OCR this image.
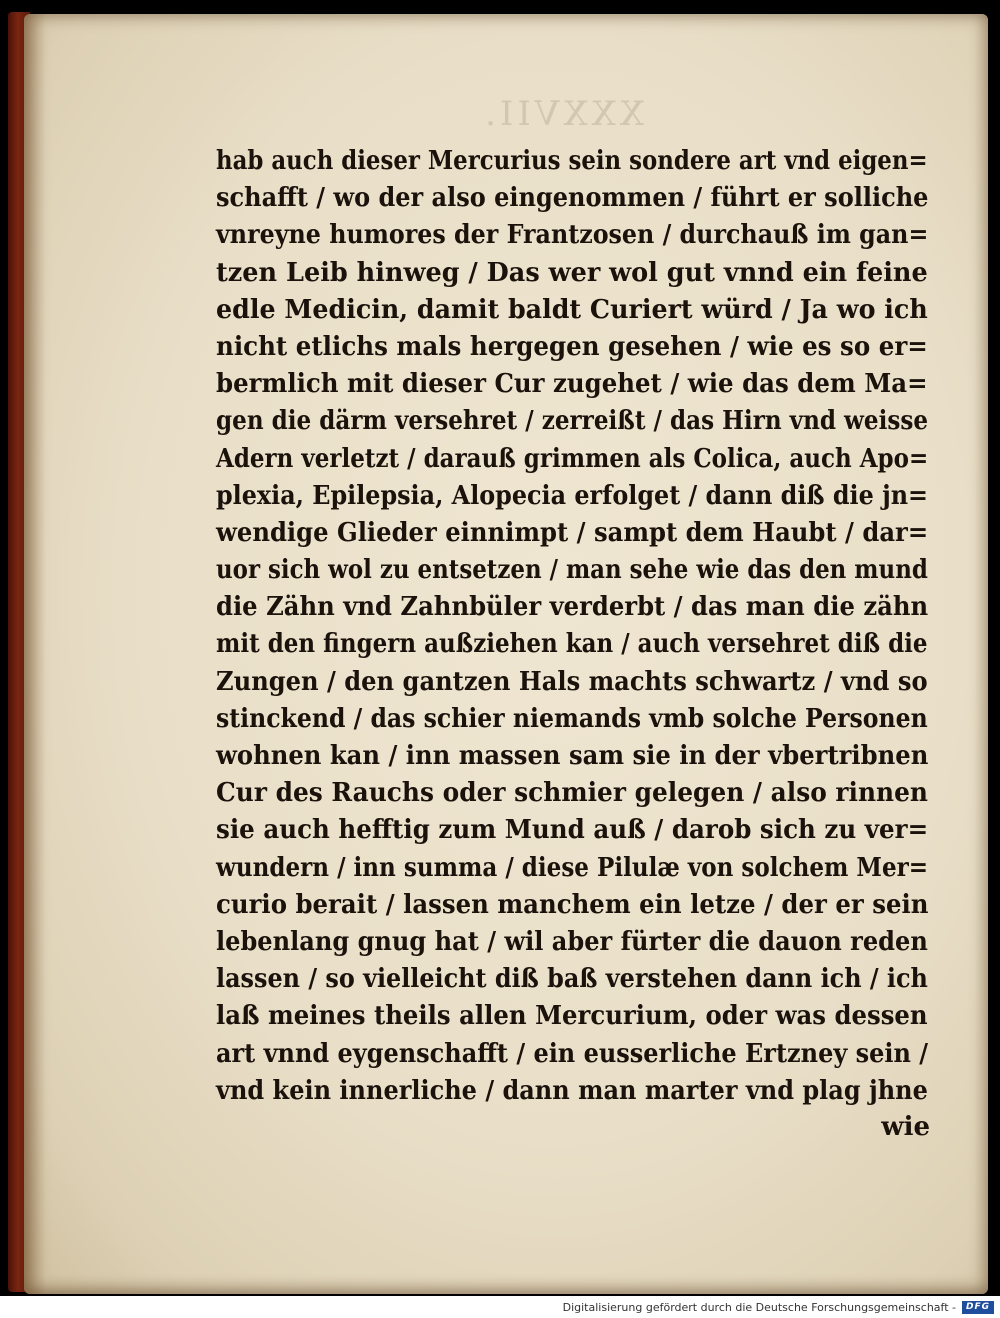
XXXVII.
hab auch dieser Mercurius sein sondere art vnd eigen=
schafft / wo der also eingenommen / führt er solliche
vnreyne humores der Frantzosen / durchauß im gan=
tzen Leib hinweg / Das wer wol gut vnnd ein feine
edle Medicin, damit baldt Curiert würd / Ja wo ich
nicht etlichs mals hergegen gesehen / wie es so er=
bermlich mit dieser Cur zugehet / wie das dem Ma=
gen die därm versehret / zerreißt / das Hirn vnd weisse
Adern verletzt / darauß grimmen als Colica, auch Apo=
plexia, Epilepsia, Alopecia erfolget / dann diß die jn=
wendige Glieder einnimpt / sampt dem Haubt / dar=
uor sich wol zu entsetzen / man sehe wie das den mund
die Zähn vnd Zahnbüler verderbt / das man die zähn
mit den fingern außziehen kan / auch versehret diß die
Zungen / den gantzen Hals machts schwartz / vnd so
stinckend / das schier niemands vmb solche Personen
wohnen kan / inn massen sam sie in der vbertribnen
Cur des Rauchs oder schmier gelegen / also rinnen
sie auch hefftig zum Mund auß / darob sich zu ver=
wundern / inn summa / diese Pilulæ von solchem Mer=
curio berait / lassen manchem ein letze / der er sein
lebenlang gnug hat / wil aber fürter die dauon reden
lassen / so vielleicht diß baß verstehen dann ich / ich
laß meines theils allen Mercurium, oder was dessen
art vnnd eygenschafft / ein eusserliche Ertzney sein /
vnd kein innerliche / dann man marter vnd plag jhne
wie
Digitalisierung gefördert durch die Deutsche Forschungsgemeinschaft -	DFG
